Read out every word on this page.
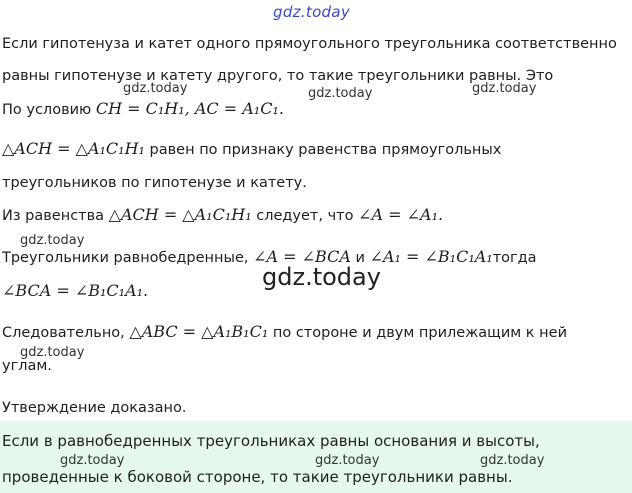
gdz.today
Если гипотенуза и катет одного прямоугольного треугольника соответственно
равны гипотенузе и катету другого, то такие треугольники равны. Это
gdz.today	gdz.today	gdz.today
По условию CH = C₁H₁, AC = A₁C₁.
△ACH = △A₁C₁H₁ равен по признаку равенства прямоугольных
треугольников по гипотенузе и катету.
Из равенства △ACH = △A₁C₁H₁ следует, что ∠A = ∠A₁.
gdz.today
Треугольники равнобедренные, ∠A = ∠BCA и ∠A₁ = ∠B₁C₁A₁тогда
gdz.today
∠BCA = ∠B₁C₁A₁.
Следовательно, △ABC = △A₁B₁C₁ по стороне и двум прилежащим к ней
gdz.today
углам.
Утверждение доказано.
Если в равнобедренных треугольниках равны основания и высоты,
gdz.today	gdz.today	gdz.today
проведенные к боковой стороне, то такие треугольники равны.
